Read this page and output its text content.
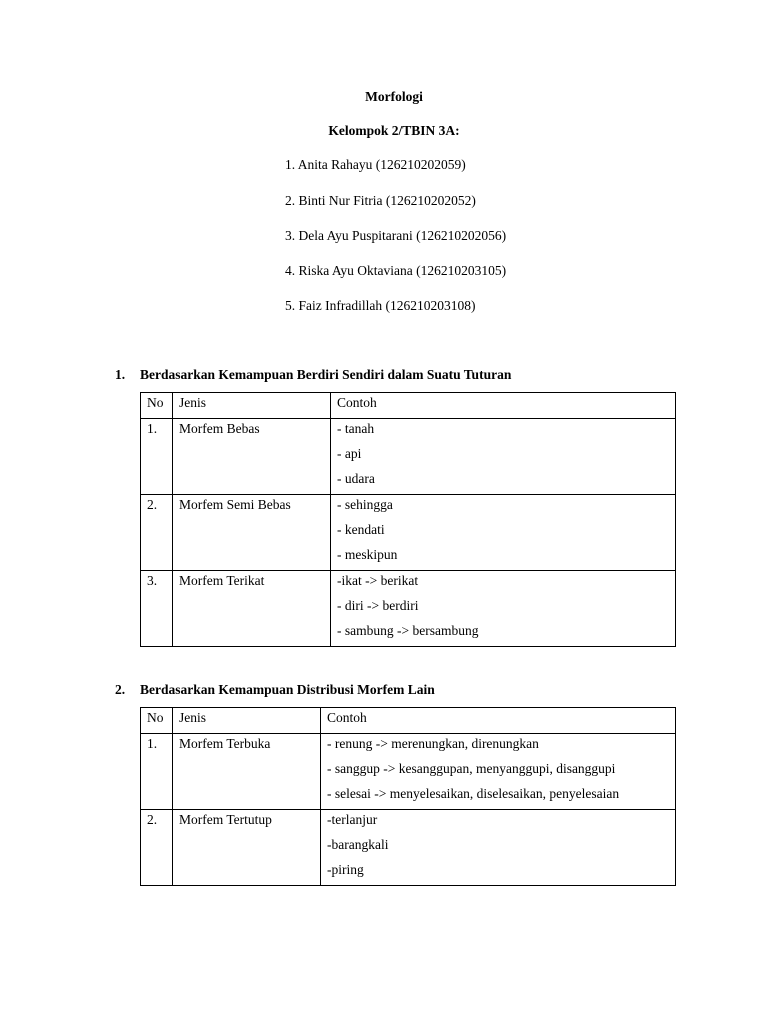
Morfologi
Kelompok 2/TBIN 3A:
1. Anita Rahayu (126210202059)
2. Binti Nur Fitria (126210202052)
3. Dela Ayu Puspitarani (126210202056)
4. Riska Ayu Oktaviana (126210203105)
5. Faiz Infradillah (126210203108)
1. Berdasarkan Kemampuan Berdiri Sendiri dalam Suatu Tuturan
No	Jenis	Contoh

1.	Morfem Bebas	- tanah
- api
- udara

2.	Morfem Semi Bebas	- sehingga
- kendati
- meskipun

3.	Morfem Terikat	-ikat -> berikat
- diri -> berdiri
- sambung -> bersambung
2. Berdasarkan Kemampuan Distribusi Morfem Lain
No	Jenis	Contoh

1.	Morfem Terbuka	- renung -> merenungkan, direnungkan
- sanggup -> kesanggupan, menyanggupi, disanggupi
- selesai -> menyelesaikan, diselesaikan, penyelesaian

2.	Morfem Tertutup	-terlanjur
-barangkali
-piring
